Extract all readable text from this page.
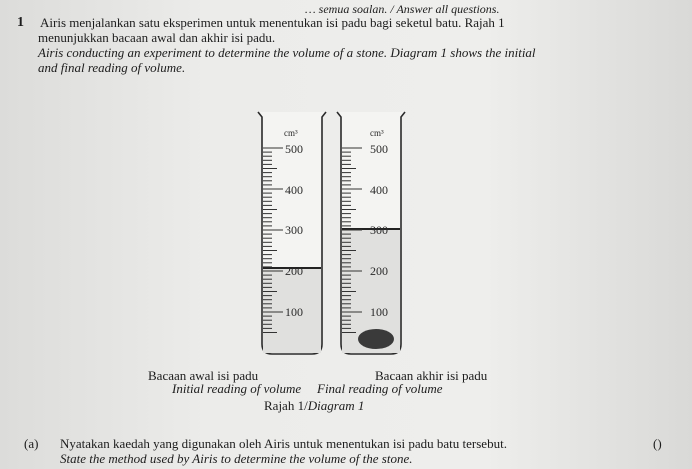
… semua soalan. / Answer all questions.
1 Airis menjalankan satu eksperimen untuk menentukan isi padu bagi seketul batu. Rajah 1
menunjukkan bacaan awal dan akhir isi padu.
Airis conducting an experiment to determine the volume of a stone. Diagram 1 shows the initial
and final reading of volume.
cm³
500
400
300
200
100
cm³
500
400
300
200
100
Bacaan awal isi padu	Bacaan akhir isi padu
Initial reading of volume Final reading of volume
Rajah 1/Diagram 1
(a) Nyatakan kaedah yang digunakan oleh Airis untuk menentukan isi padu batu tersebut.
State the method used by Airis to determine the volume of the stone.
()
